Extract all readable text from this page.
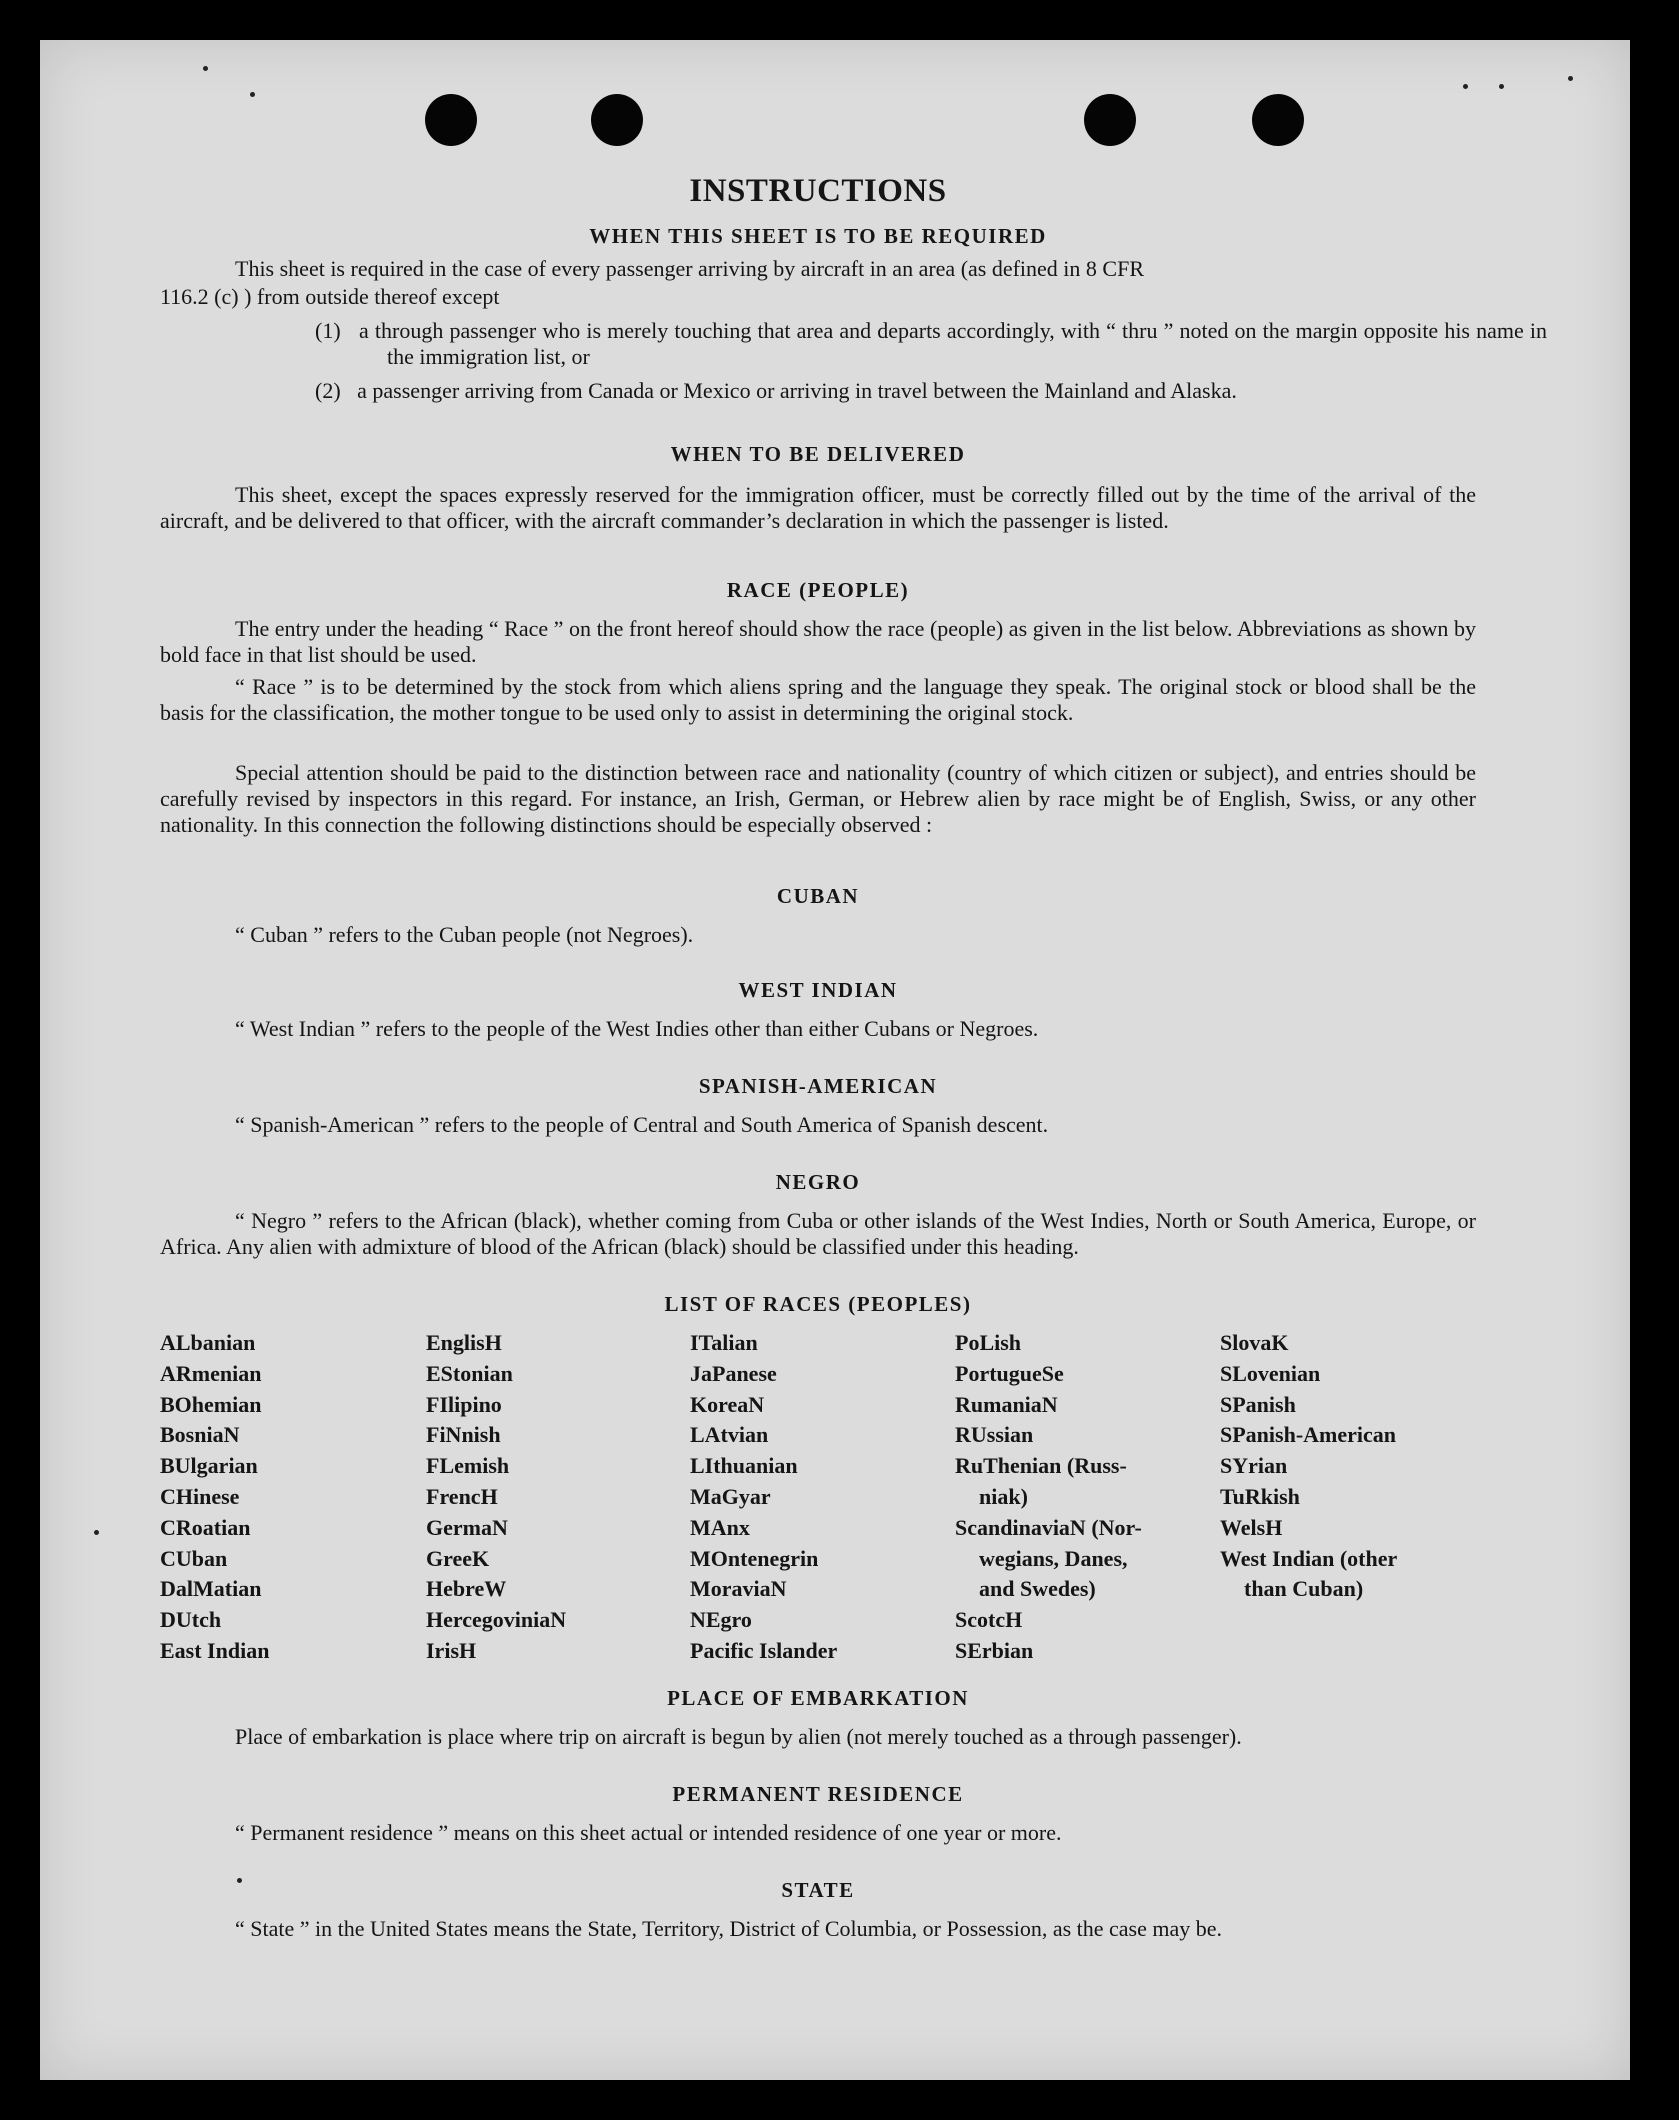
INSTRUCTIONS
WHEN THIS SHEET IS TO BE REQUIRED

This sheet is required in the case of every passenger arriving by aircraft in an area (as defined in 8 CFR

116.2 (c) ) from outside thereof except

(1) a through passenger who is merely touching that area and departs accordingly, with “ thru ” noted on the margin opposite his name in the immigration list, or

(2) a passenger arriving from Canada or Mexico or arriving in travel between the Mainland and Alaska.

WHEN TO BE DELIVERED

This sheet, except the spaces expressly reserved for the immigration officer, must be correctly filled out by the time of the arrival of the aircraft, and be delivered to that officer, with the aircraft commander’s declaration in which the passenger is listed.

RACE (PEOPLE)

The entry under the heading “ Race ” on the front hereof should show the race (people) as given in the list below. Abbreviations as shown by bold face in that list should be used.

“ Race ” is to be determined by the stock from which aliens spring and the language they speak. The original stock or blood shall be the basis for the classification, the mother tongue to be used only to assist in determining the original stock.

Special attention should be paid to the distinction between race and nationality (country of which citizen or subject), and entries should be carefully revised by inspectors in this regard. For instance, an Irish, German, or Hebrew alien by race might be of English, Swiss, or any other nationality. In this connection the following distinctions should be especially observed :

CUBAN

“ Cuban ” refers to the Cuban people (not Negroes).

WEST INDIAN

“ West Indian ” refers to the people of the West Indies other than either Cubans or Negroes.

SPANISH-AMERICAN

“ Spanish-American ” refers to the people of Central and South America of Spanish descent.

NEGRO

“ Negro ” refers to the African (black), whether coming from Cuba or other islands of the West Indies, North or South America, Europe, or Africa. Any alien with admixture of blood of the African (black) should be classified under this heading.

LIST OF RACES (PEOPLES)
ALbanian
ARmenian
BOhemian
BosniaN
BUlgarian
CHinese
CRoatian
CUban
DalMatian
DUtch
East Indian
EnglisH
EStonian
FIlipino
FiNnish
FLemish
FrencH
GermaN
GreeK
HebreW
HercegoviniaN
IrisH
ITalian
JaPanese
KoreaN
LAtvian
LIthuanian
MaGyar
MAnx
MOntenegrin
MoraviaN
NEgro
Pacific Islander
PoLish
PortugueSe
RumaniaN
RUssian
RuThenian (Russ-
niak)
ScandinaviaN (Nor-
wegians, Danes,
and Swedes)
ScotcH
SErbian
SlovaK
SLovenian
SPanish
SPanish-American
SYrian
TuRkish
WelsH
West Indian (other
than Cuban)
PLACE OF EMBARKATION

Place of embarkation is place where trip on aircraft is begun by alien (not merely touched as a through passenger).

PERMANENT RESIDENCE

“ Permanent residence ” means on this sheet actual or intended residence of one year or more.

STATE

“ State ” in the United States means the State, Territory, District of Columbia, or Possession, as the case may be.
